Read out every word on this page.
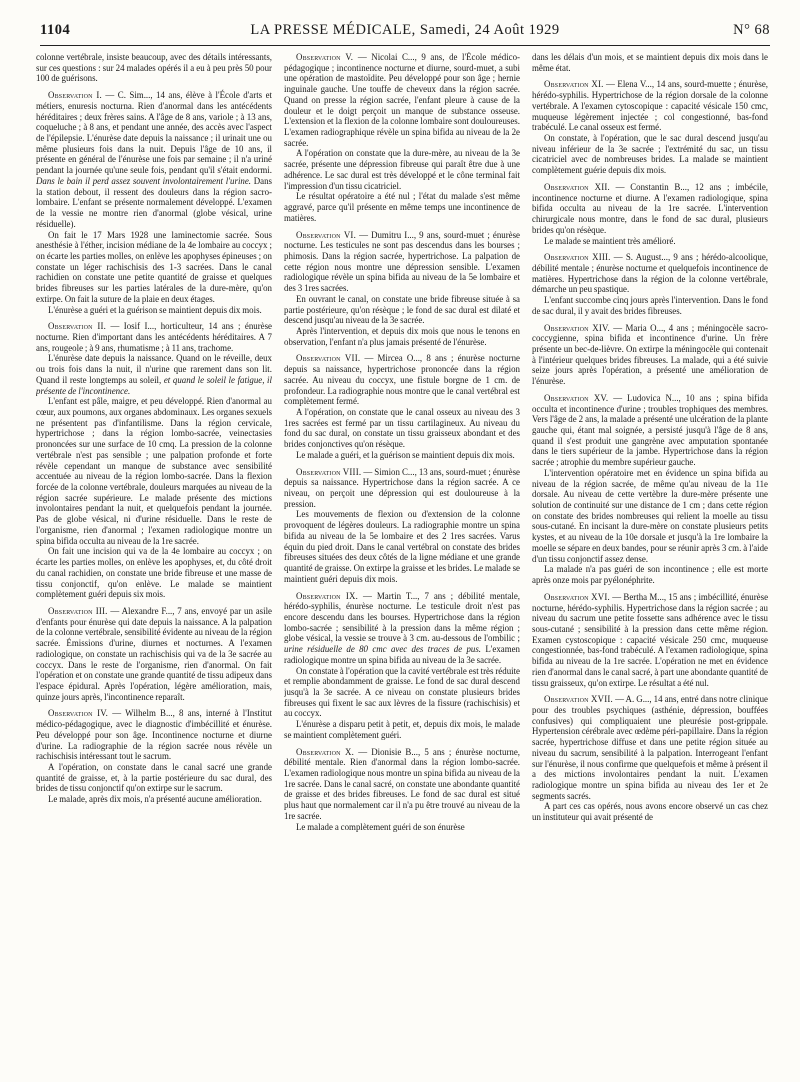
1104	LA PRESSE MÉDICALE, Samedi, 24 Août 1929	N° 68

colonne vertébrale, insiste beaucoup, avec des détails intéressants, sur ces questions : sur 24 malades opérés il a eu à peu près 50 pour 100 de guérisons.

Observation I. — C. Sim..., 14 ans, élève à l'École d'arts et métiers, enuresis nocturna. Rien d'anormal dans les antécédents héréditaires ; deux frères sains. A l'âge de 8 ans, variole ; à 13 ans, coqueluche ; à 8 ans, et pendant une année, des accès avec l'aspect de l'épilepsie. L'énurèse date depuis la naissance ; il urinait une ou même plusieurs fois dans la nuit. Depuis l'âge de 10 ans, il présente en général de l'énurèse une fois par semaine ; il n'a uriné pendant la journée qu'une seule fois, pendant qu'il s'était endormi. Dans le bain il perd assez souvent involontairement l'urine. Dans la station debout, il ressent des douleurs dans la région sacro-lombaire. L'enfant se présente normalement développé. L'examen de la vessie ne montre rien d'anormal (globe vésical, urine résiduelle).

On fait le 17 Mars 1928 une laminectomie sacrée. Sous anesthésie à l'éther, incision médiane de la 4e lombaire au coccyx ; on écarte les parties molles, on enlève les apophyses épineuses ; on constate un léger rachischisis des 1-3 sacrées. Dans le canal rachidien on constate une petite quantité de graisse et quelques brides fibreuses sur les parties latérales de la dure-mère, qu'on extirpe. On fait la suture de la plaie en deux étages.

L'énurèse a guéri et la guérison se maintient depuis dix mois.

Observation II. — Iosif I..., horticulteur, 14 ans ; énurèse nocturne. Rien d'important dans les antécédents héréditaires. A 7 ans, rougeole ; à 9 ans, rhumatisme ; à 11 ans, trachome.

L'énurèse date depuis la naissance. Quand on le réveille, deux ou trois fois dans la nuit, il n'urine que rarement dans son lit. Quand il reste longtemps au soleil, et quand le soleil le fatigue, il présente de l'incontinence.

L'enfant est pâle, maigre, et peu développé. Rien d'anormal au cœur, aux poumons, aux organes abdominaux. Les organes sexuels ne présentent pas d'infantilisme. Dans la région cervicale, hypertrichose ; dans la région lombo-sacrée, veinectasies prononcées sur une surface de 10 cmq. La pression de la colonne vertébrale n'est pas sensible ; une palpation profonde et forte révèle cependant un manque de substance avec sensibilité accentuée au niveau de la région lombo-sacrée. Dans la flexion forcée de la colonne vertébrale, douleurs marquées au niveau de la région sacrée supérieure. Le malade présente des mictions involontaires pendant la nuit, et quelquefois pendant la journée. Pas de globe vésical, ni d'urine résiduelle. Dans le reste de l'organisme, rien d'anormal ; l'examen radiologique montre un spina bifida occulta au niveau de la 1re sacrée.

On fait une incision qui va de la 4e lombaire au coccyx ; on écarte les parties molles, on enlève les apophyses, et, du côté droit du canal rachidien, on constate une bride fibreuse et une masse de tissu conjonctif, qu'on enlève. Le malade se maintient complètement guéri depuis six mois.

Observation III. — Alexandre F..., 7 ans, envoyé par un asile d'enfants pour énurèse qui date depuis la naissance. A la palpation de la colonne vertébrale, sensibilité évidente au niveau de la région sacrée. Émissions d'urine, diurnes et nocturnes. A l'examen radiologique, on constate un rachischisis qui va de la 3e sacrée au coccyx. Dans le reste de l'organisme, rien d'anormal. On fait l'opération et on constate une grande quantité de tissu adipeux dans l'espace épidural. Après l'opération, légère amélioration, mais, quinze jours après, l'incontinence reparaît.

Observation IV. — Wilhelm B..., 8 ans, interné à l'Institut médico-pédagogique, avec le diagnostic d'imbécillité et énurèse. Peu développé pour son âge. Incontinence nocturne et diurne d'urine. La radiographie de la région sacrée nous révèle un rachischisis intéressant tout le sacrum.

A l'opération, on constate dans le canal sacré une grande quantité de graisse, et, à la partie postérieure du sac dural, des brides de tissu conjonctif qu'on extirpe sur le sacrum.

Le malade, après dix mois, n'a présenté aucune amélioration.

Observation V. — Nicolai C..., 9 ans, de l'École médico-pédagogique ; incontinence nocturne et diurne, sourd-muet, a subi une opération de mastoïdite. Peu développé pour son âge ; hernie inguinale gauche. Une touffe de cheveux dans la région sacrée. Quand on presse la région sacrée, l'enfant pleure à cause de la douleur et le doigt perçoit un manque de substance osseuse. L'extension et la flexion de la colonne lombaire sont douloureuses. L'examen radiographique révèle un spina bifida au niveau de la 2e sacrée.

A l'opération on constate que la dure-mère, au niveau de la 3e sacrée, présente une dépression fibreuse qui paraît être due à une adhérence. Le sac dural est très développé et le cône terminal fait l'impression d'un tissu cicatriciel.

Le résultat opératoire a été nul ; l'état du malade s'est même aggravé, parce qu'il présente en même temps une incontinence de matières.

Observation VI. — Dumitru I..., 9 ans, sourd-muet ; énurèse nocturne. Les testicules ne sont pas descendus dans les bourses ; phimosis. Dans la région sacrée, hypertrichose. La palpation de cette région nous montre une dépression sensible. L'examen radiologique révèle un spina bifida au niveau de la 5e lombaire et des 3 1res sacrées.

En ouvrant le canal, on constate une bride fibreuse située à sa partie postérieure, qu'on résèque ; le fond de sac dural est dilaté et descend jusqu'au niveau de la 3e sacrée.

Après l'intervention, et depuis dix mois que nous le tenons en observation, l'enfant n'a plus jamais présenté de l'énurèse.

Observation VII. — Mircea O..., 8 ans ; énurèse nocturne depuis sa naissance, hypertrichose prononcée dans la région sacrée. Au niveau du coccyx, une fistule borgne de 1 cm. de profondeur. La radiographie nous montre que le canal vertébral est complètement fermé.

A l'opération, on constate que le canal osseux au niveau des 3 1res sacrées est fermé par un tissu cartilagineux. Au niveau du fond du sac dural, on constate un tissu graisseux abondant et des brides conjonctives qu'on résèque.

Le malade a guéri, et la guérison se maintient depuis dix mois.

Observation VIII. — Simion C..., 13 ans, sourd-muet ; énurèse depuis sa naissance. Hypertrichose dans la région sacrée. A ce niveau, on perçoit une dépression qui est douloureuse à la pression.

Les mouvements de flexion ou d'extension de la colonne provoquent de légères douleurs. La radiographie montre un spina bifida au niveau de la 5e lombaire et des 2 1res sacrées. Varus équin du pied droit. Dans le canal vertébral on constate des brides fibreuses situées des deux côtés de la ligne médiane et une grande quantité de graisse. On extirpe la graisse et les brides. Le malade se maintient guéri depuis dix mois.

Observation IX. — Martin T..., 7 ans ; débilité mentale, hérédo-syphilis, énurèse nocturne. Le testicule droit n'est pas encore descendu dans les bourses. Hypertrichose dans la région lombo-sacrée ; sensibilité à la pression dans la même région ; globe vésical, la vessie se trouve à 3 cm. au-dessous de l'ombilic ; urine résiduelle de 80 cmc avec des traces de pus. L'examen radiologique montre un spina bifida au niveau de la 3e sacrée.

On constate à l'opération que la cavité vertébrale est très réduite et remplie abondamment de graisse. Le fond de sac dural descend jusqu'à la 3e sacrée. A ce niveau on constate plusieurs brides fibreuses qui fixent le sac aux lèvres de la fissure (rachischisis) et au coccyx.

L'énurèse a disparu petit à petit, et, depuis dix mois, le malade se maintient complètement guéri.

Observation X. — Dionisie B..., 5 ans ; énurèse nocturne, débilité mentale. Rien d'anormal dans la région lombo-sacrée. L'examen radiologique nous montre un spina bifida au niveau de la 1re sacrée. Dans le canal sacré, on constate une abondante quantité de graisse et des brides fibreuses. Le fond de sac dural est situé plus haut que normalement car il n'a pu être trouvé au niveau de la 1re sacrée.

Le malade a complètement guéri de son énurèse

dans les délais d'un mois, et se maintient depuis dix mois dans le même état.

Observation XI. — Elena V..., 14 ans, sourd-muette ; énurèse, hérédo-syphilis. Hypertrichose de la région dorsale de la colonne vertébrale. A l'examen cytoscopique : capacité vésicale 150 cmc, muqueuse légèrement injectée ; col congestionné, bas-fond trabéculé. Le canal osseux est fermé.

On constate, à l'opération, que le sac dural descend jusqu'au niveau inférieur de la 3e sacrée ; l'extrémité du sac, un tissu cicatriciel avec de nombreuses brides. La malade se maintient complètement guérie depuis dix mois.

Observation XII. — Constantin B..., 12 ans ; imbécile, incontinence nocturne et diurne. A l'examen radiologique, spina bifida occulta au niveau de la 1re sacrée. L'intervention chirurgicale nous montre, dans le fond de sac dural, plusieurs brides qu'on résèque.

Le malade se maintient très amélioré.

Observation XIII. — S. August..., 9 ans ; hérédo-alcoolique, débilité mentale ; énurèse nocturne et quelquefois incontinence de matières. Hypertrichose dans la région de la colonne vertébrale, démarche un peu spastique.

L'enfant succombe cinq jours après l'intervention. Dans le fond de sac dural, il y avait des brides fibreuses.

Observation XIV. — Maria O..., 4 ans ; méningocèle sacro-coccygienne, spina bifida et incontinence d'urine. Un frère présente un bec-de-lièvre. On extirpe la méningocèle qui contenait à l'intérieur quelques brides fibreuses. La malade, qui a été suivie seize jours après l'opération, a présenté une amélioration de l'énurèse.

Observation XV. — Ludovica N..., 10 ans ; spina bifida occulta et incontinence d'urine ; troubles trophiques des membres. Vers l'âge de 2 ans, la malade a présenté une ulcération de la plante gauche qui, étant mal soignée, a persisté jusqu'à l'âge de 8 ans, quand il s'est produit une gangrène avec amputation spontanée dans le tiers supérieur de la jambe. Hypertrichose dans la région sacrée ; atrophie du membre supérieur gauche.

L'intervention opératoire met en évidence un spina bifida au niveau de la région sacrée, de même qu'au niveau de la 11e dorsale. Au niveau de cette vertèbre la dure-mère présente une solution de continuité sur une distance de 1 cm ; dans cette région on constate des brides nombreuses qui relient la moelle au tissu sous-cutané. En incisant la dure-mère on constate plusieurs petits kystes, et au niveau de la 10e dorsale et jusqu'à la 1re lombaire la moelle se sépare en deux bandes, pour se réunir après 3 cm. à l'aide d'un tissu conjonctif assez dense.

La malade n'a pas guéri de son incontinence ; elle est morte après onze mois par pyélonéphrite.

Observation XVI. — Bertha M..., 15 ans ; imbécillité, énurèse nocturne, hérédo-syphilis. Hypertrichose dans la région sacrée ; au niveau du sacrum une petite fossette sans adhérence avec le tissu sous-cutané ; sensibilité à la pression dans cette même région. Examen cystoscopique : capacité vésicale 250 cmc, muqueuse congestionnée, bas-fond trabéculé. A l'examen radiologique, spina bifida au niveau de la 1re sacrée. L'opération ne met en évidence rien d'anormal dans le canal sacré, à part une abondante quantité de tissu graisseux, qu'on extirpe. Le résultat a été nul.

Observation XVII. — A. G..., 14 ans, entré dans notre clinique pour des troubles psychiques (asthénie, dépression, bouffées confusives) qui compliquaient une pleurésie post-grippale. Hypertension cérébrale avec œdème péri-papillaire. Dans la région sacrée, hypertrichose diffuse et dans une petite région située au niveau du sacrum, sensibilité à la palpation. Interrogeant l'enfant sur l'énurèse, il nous confirme que quelquefois et même à présent il a des mictions involontaires pendant la nuit. L'examen radiologique montre un spina bifida au niveau des 1er et 2e segments sacrés.

A part ces cas opérés, nous avons encore observé un cas chez un instituteur qui avait présenté de
